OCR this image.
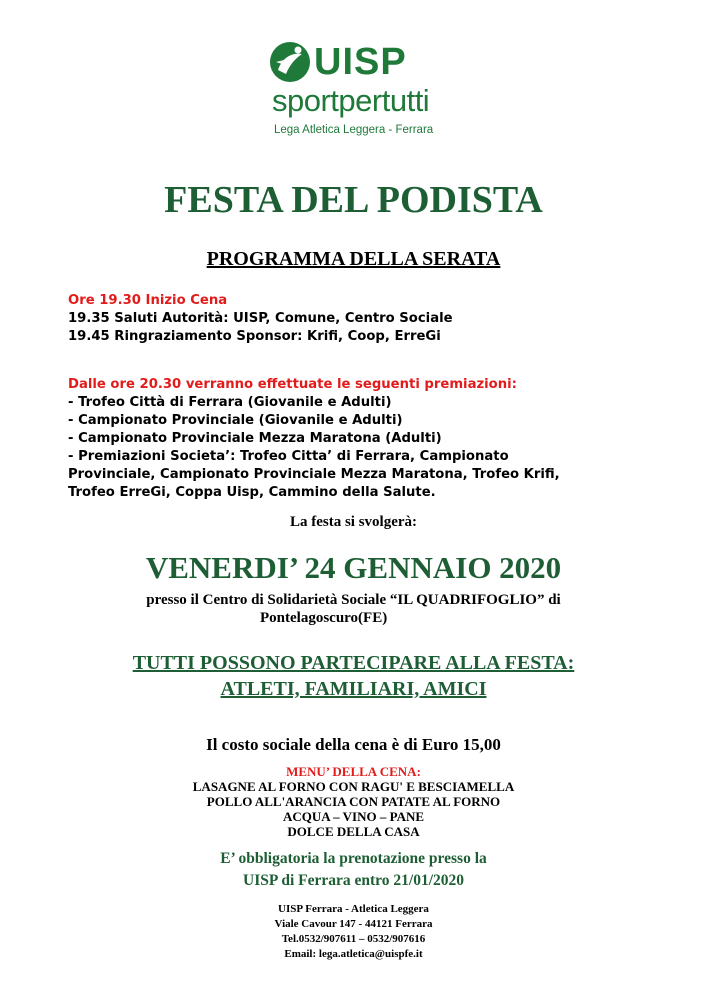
UISP
sportpertutti
Lega Atletica Leggera - Ferrara
FESTA DEL PODISTA
PROGRAMMA DELLA SERATA
Ore 19.30 Inizio Cena
19.35 Saluti Autorità: UISP, Comune, Centro Sociale
19.45 Ringraziamento Sponsor: Krifi, Coop, ErreGi
Dalle ore 20.30 verranno effettuate le seguenti premiazioni:
- Trofeo Città di Ferrara (Giovanile e Adulti)
- Campionato Provinciale (Giovanile e Adulti)
- Campionato Provinciale Mezza Maratona (Adulti)
- Premiazioni Societa’: Trofeo Citta’ di Ferrara, Campionato
Provinciale, Campionato Provinciale Mezza Maratona, Trofeo Krifi,
Trofeo ErreGi, Coppa Uisp, Cammino della Salute.
La festa si svolgerà:
VENERDI’ 24 GENNAIO 2020
presso il Centro di Solidarietà Sociale “IL QUADRIFOGLIO” di
Pontelagoscuro(FE)
TUTTI POSSONO PARTECIPARE ALLA FESTA:
ATLETI, FAMILIARI, AMICI
Il costo sociale della cena è di Euro 15,00
MENU’ DELLA CENA:
LASAGNE AL FORNO CON RAGU' E BESCIAMELLA
POLLO ALL'ARANCIA CON PATATE AL FORNO
ACQUA – VINO – PANE
DOLCE DELLA CASA
E’ obbligatoria la prenotazione presso la
UISP di Ferrara entro 21/01/2020
UISP Ferrara - Atletica Leggera
Viale Cavour 147 - 44121 Ferrara
Tel.0532/907611 – 0532/907616
Email: lega.atletica@uispfe.it
